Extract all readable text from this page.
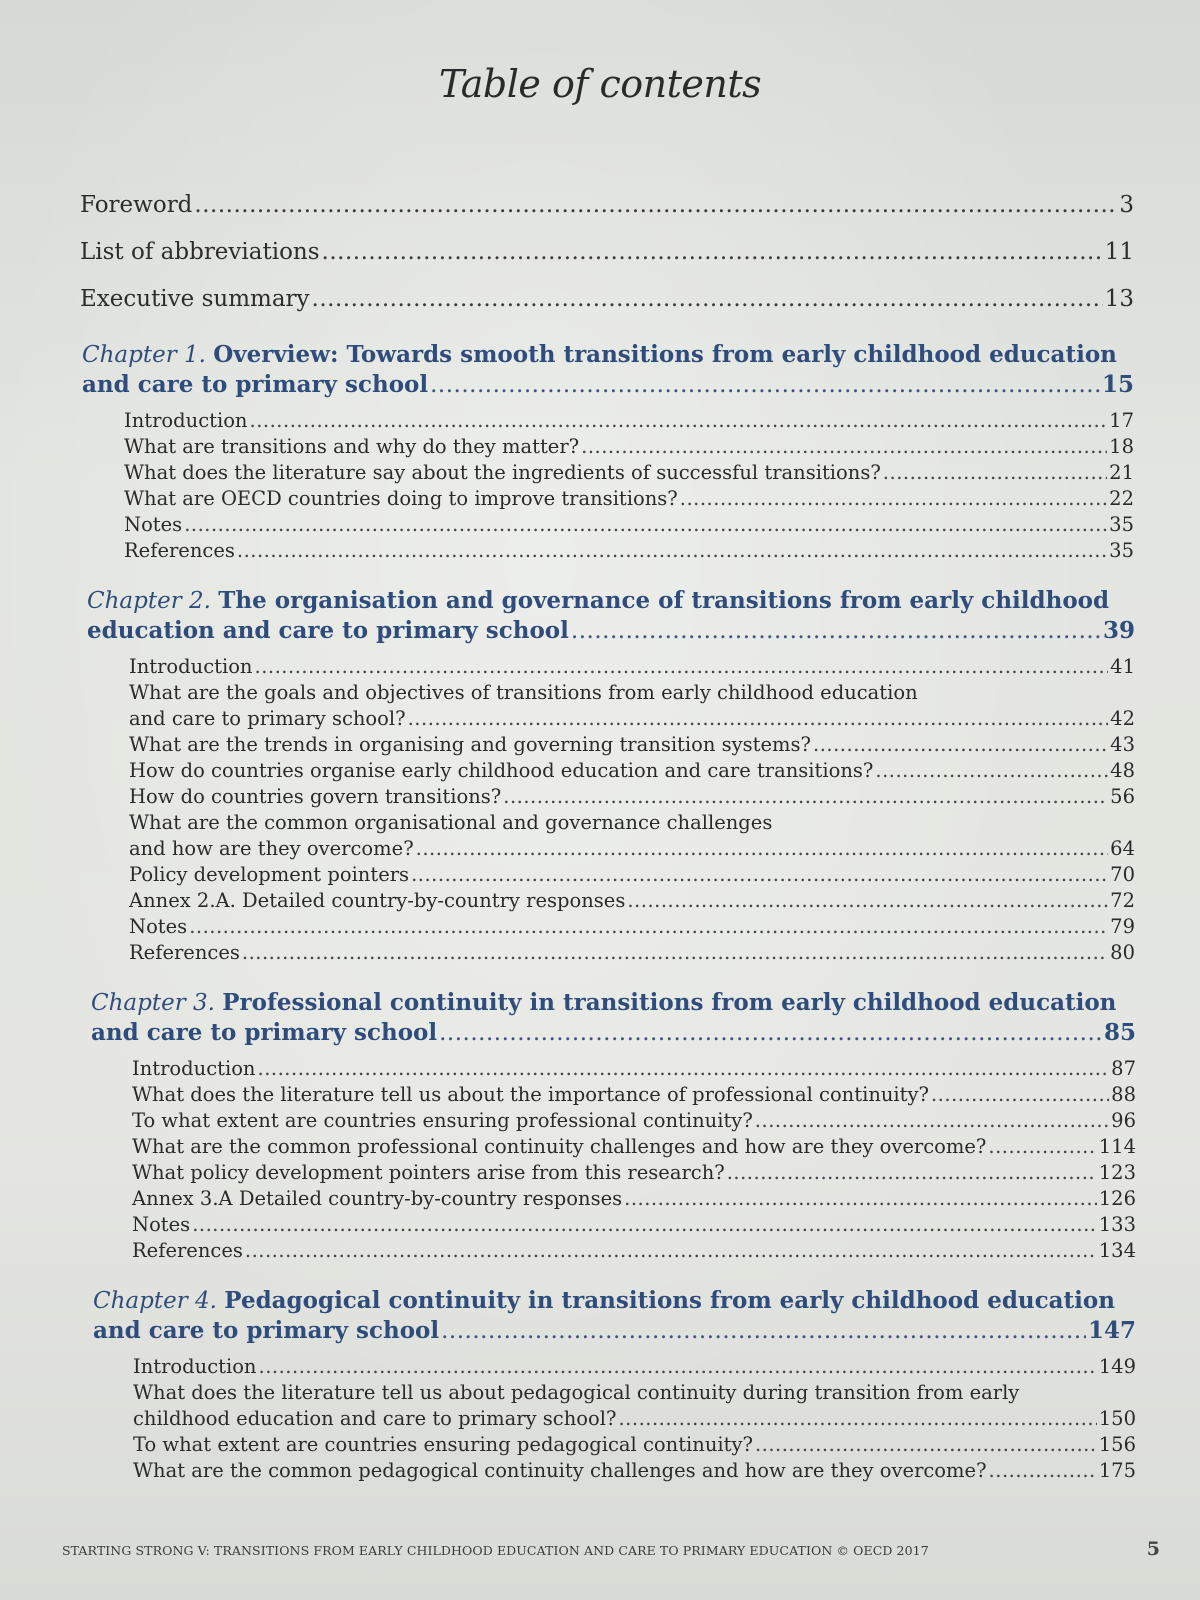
Table of contents
Foreword .....	3
List of abbreviations .....	11
Executive summary .....	13
Chapter 1. Overview: Towards smooth transitions from early childhood education
and care to primary school .....	15
Introduction .....	17
What are transitions and why do they matter? .....	18
What does the literature say about the ingredients of successful transitions? .....	21
What are OECD countries doing to improve transitions? .....	22
Notes .....	35
References .....	35
Chapter 2. The organisation and governance of transitions from early childhood
education and care to primary school .....	39
Introduction .....	41
What are the goals and objectives of transitions from early childhood education
and care to primary school? .....	42
What are the trends in organising and governing transition systems? .....	43
How do countries organise early childhood education and care transitions? .....	48
How do countries govern transitions? .....	56
What are the common organisational and governance challenges
and how are they overcome? .....	64
Policy development pointers .....	70
Annex 2.A. Detailed country-by-country responses .....	72
Notes .....	79
References .....	80
Chapter 3. Professional continuity in transitions from early childhood education
and care to primary school .....	85
Introduction .....	87
What does the literature tell us about the importance of professional continuity? .....	88
To what extent are countries ensuring professional continuity? .....	96
What are the common professional continuity challenges and how are they overcome? .....	114
What policy development pointers arise from this research? .....	123
Annex 3.A Detailed country-by-country responses .....	126
Notes .....	133
References .....	134
Chapter 4. Pedagogical continuity in transitions from early childhood education
and care to primary school .....	147
Introduction .....	149
What does the literature tell us about pedagogical continuity during transition from early
childhood education and care to primary school? .....	150
To what extent are countries ensuring pedagogical continuity? .....	156
What are the common pedagogical continuity challenges and how are they overcome? .....	175
STARTING STRONG V: TRANSITIONS FROM EARLY CHILDHOOD EDUCATION AND CARE TO PRIMARY EDUCATION © OECD 2017	5
